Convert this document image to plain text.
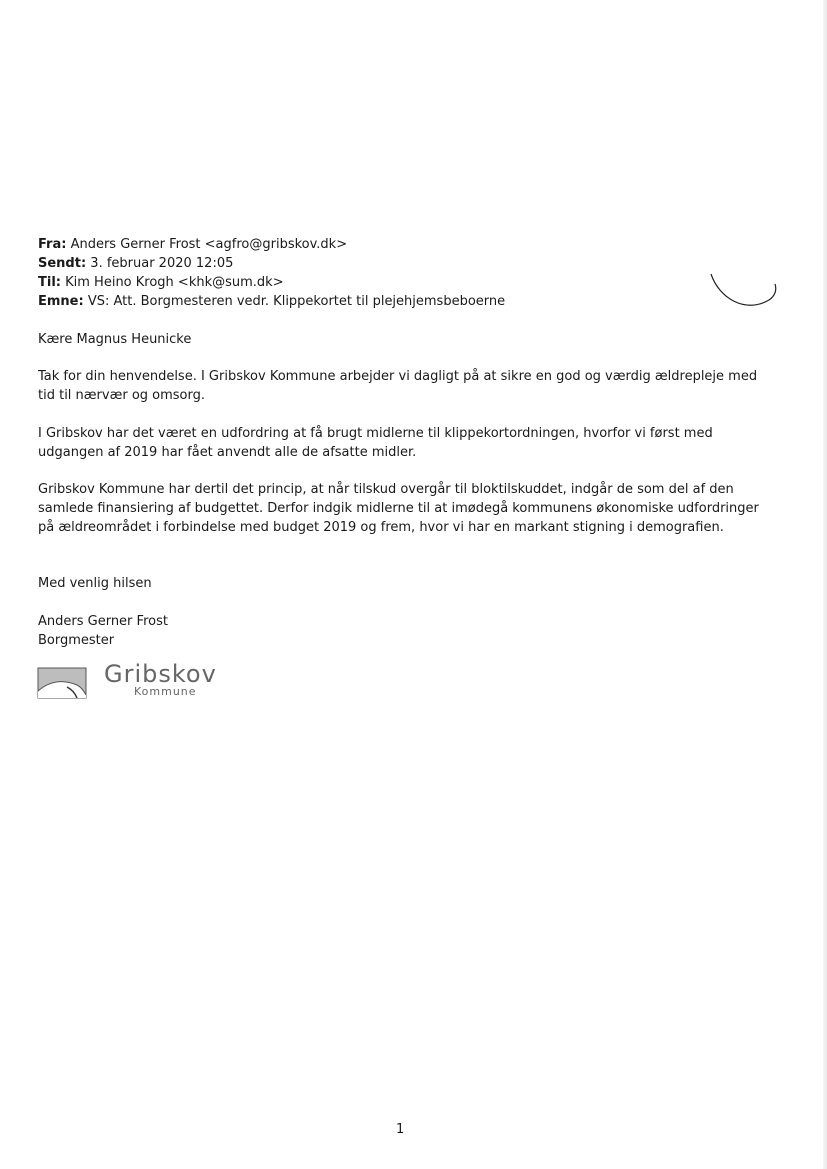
Fra: Anders Gerner Frost <agfro@gribskov.dk>
Sendt: 3. februar 2020 12:05
Til: Kim Heino Krogh <khk@sum.dk>
Emne: VS: Att. Borgmesteren vedr. Klippekortet til plejehjemsbeboerne
Kære Magnus Heunicke
Tak for din henvendelse. I Gribskov Kommune arbejder vi dagligt på at sikre en god og værdig ældrepleje med tid til nærvær og omsorg.
I Gribskov har det været en udfordring at få brugt midlerne til klippekortordningen, hvorfor vi først med udgangen af 2019 har fået anvendt alle de afsatte midler.
Gribskov Kommune har dertil det princip, at når tilskud overgår til bloktilskuddet, indgår de som del af den samlede finansiering af budgettet. Derfor indgik midlerne til at imødegå kommunens økonomiske udfordringer på ældreområdet i forbindelse med budget 2019 og frem, hvor vi har en markant stigning i demografien.
Med venlig hilsen
Anders Gerner Frost
Borgmester
Gribskov
Kommune
1
